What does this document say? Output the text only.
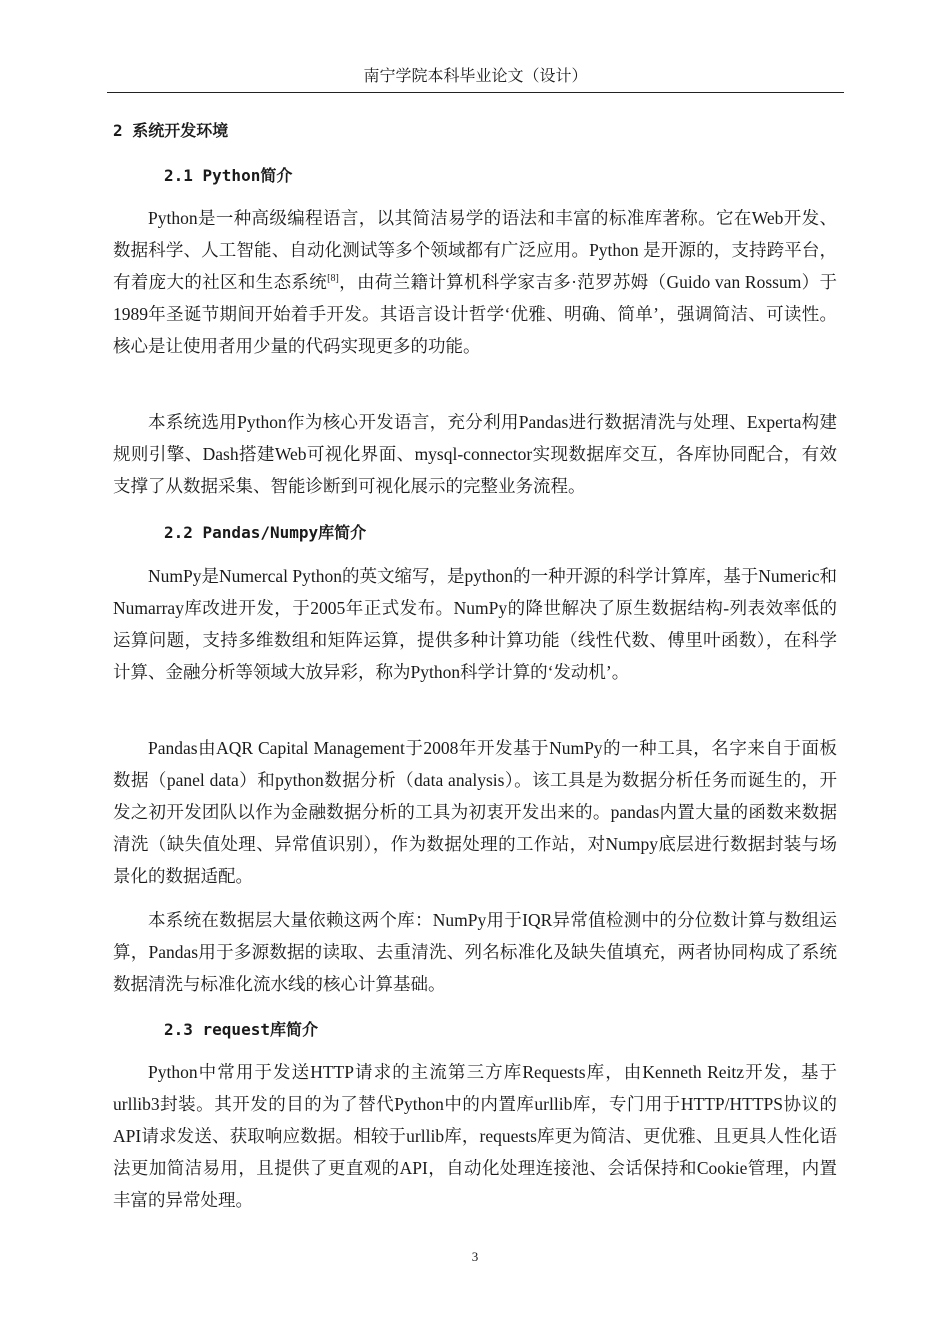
南宁学院本科毕业论文（设计）
2 系统开发环境
2.1 Python简介

Python是一种高级编程语言，以其简洁易学的语法和丰富的标准库著称。它在Web开发、数据科学、人工智能、自动化测试等多个领域都有广泛应用。Python 是开源的，支持跨平台，有着庞大的社区和生态系统[8]，由荷兰籍计算机科学家吉多·范罗苏姆（Guido van Rossum）于1989年圣诞节期间开始着手开发。其语言设计哲学‘优雅、明确、简单’，强调简洁、可读性。核心是让使用者用少量的代码实现更多的功能。

本系统选用Python作为核心开发语言，充分利用Pandas进行数据清洗与处理、Experta构建规则引擎、Dash搭建Web可视化界面、mysql-connector实现数据库交互，各库协同配合，有效支撑了从数据采集、智能诊断到可视化展示的完整业务流程。

2.2 Pandas/Numpy库简介

NumPy是Numercal Python的英文缩写，是python的一种开源的科学计算库，基于Numeric和Numarray库改进开发，于2005年正式发布。NumPy的降世解决了原生数据结构-列表效率低的运算问题，支持多维数组和矩阵运算，提供多种计算功能（线性代数、傅里叶函数），在科学计算、金融分析等领域大放异彩，称为Python科学计算的‘发动机’。

Pandas由AQR Capital Management于2008年开发基于NumPy的一种工具，名字来自于面板数据（panel data）和python数据分析（data analysis）。该工具是为数据分析任务而诞生的，开发之初开发团队以作为金融数据分析的工具为初衷开发出来的。pandas内置大量的函数来数据清洗（缺失值处理、异常值识别），作为数据处理的工作站，对Numpy底层进行数据封装与场景化的数据适配。

本系统在数据层大量依赖这两个库：NumPy用于IQR异常值检测中的分位数计算与数组运算，Pandas用于多源数据的读取、去重清洗、列名标准化及缺失值填充，两者协同构成了系统数据清洗与标准化流水线的核心计算基础。

2.3 request库简介

Python中常用于发送HTTP请求的主流第三方库Requests库，由Kenneth Reitz开发，基于urllib3封装。其开发的目的为了替代Python中的内置库urllib库，专门用于HTTP/HTTPS协议的API请求发送、获取响应数据。相较于urllib库，requests库更为简洁、更优雅、且更具人性化语法更加简洁易用，且提供了更直观的API，自动化处理连接池、会话保持和Cookie管理，内置丰富的异常处理。

3
